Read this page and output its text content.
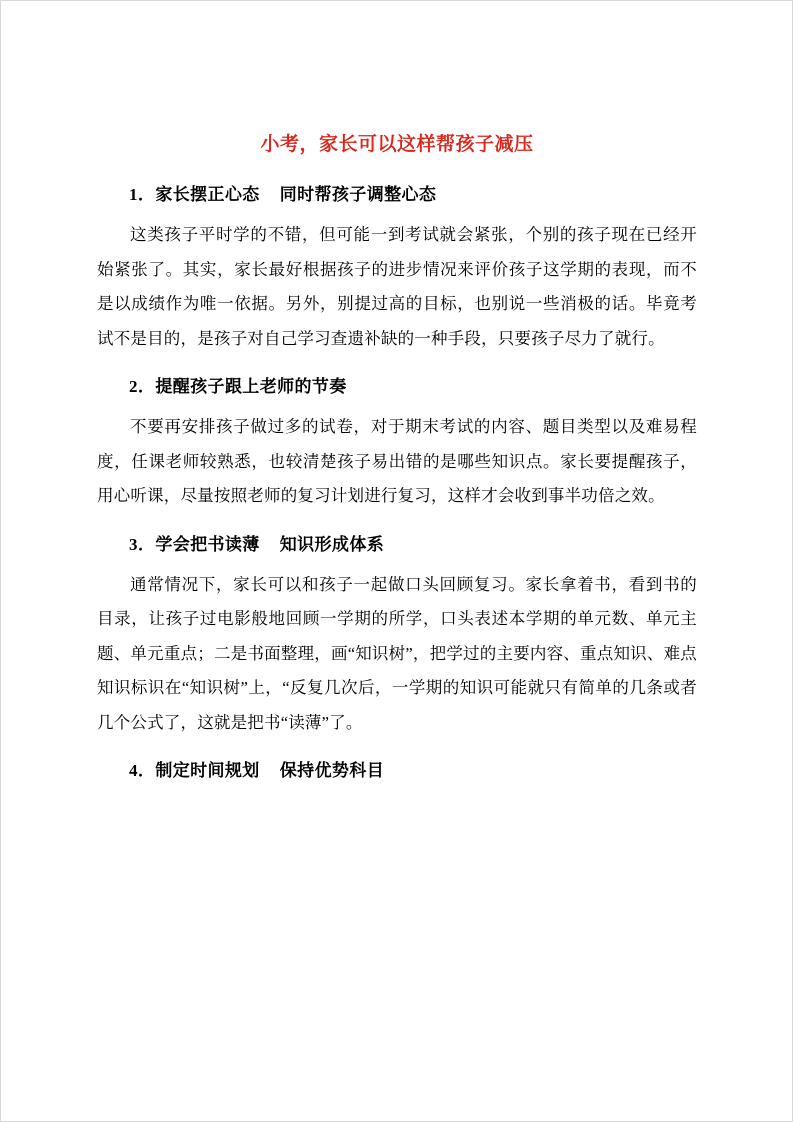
小考，家长可以这样帮孩子减压
1．家长摆正心态 同时帮孩子调整心态

这类孩子平时学的不错，但可能一到考试就会紧张，个别的孩子现在已经开始紧张了。其实，家长最好根据孩子的进步情况来评价孩子这学期的表现，而不是以成绩作为唯一依据。另外，别提过高的目标，也别说一些消极的话。毕竟考试不是目的，是孩子对自己学习查遗补缺的一种手段，只要孩子尽力了就行。

2．提醒孩子跟上老师的节奏

不要再安排孩子做过多的试卷，对于期末考试的内容、题目类型以及难易程度，任课老师较熟悉，也较清楚孩子易出错的是哪些知识点。家长要提醒孩子，用心听课，尽量按照老师的复习计划进行复习，这样才会收到事半功倍之效。

3．学会把书读薄 知识形成体系

通常情况下，家长可以和孩子一起做口头回顾复习。家长拿着书，看到书的目录，让孩子过电影般地回顾一学期的所学，口头表述本学期的单元数、单元主题、单元重点；二是书面整理，画“知识树”，把学过的主要内容、重点知识、难点知识标识在“知识树”上，“反复几次后，一学期的知识可能就只有简单的几条或者几个公式了，这就是把书“读薄”了。

4．制定时间规划 保持优势科目
